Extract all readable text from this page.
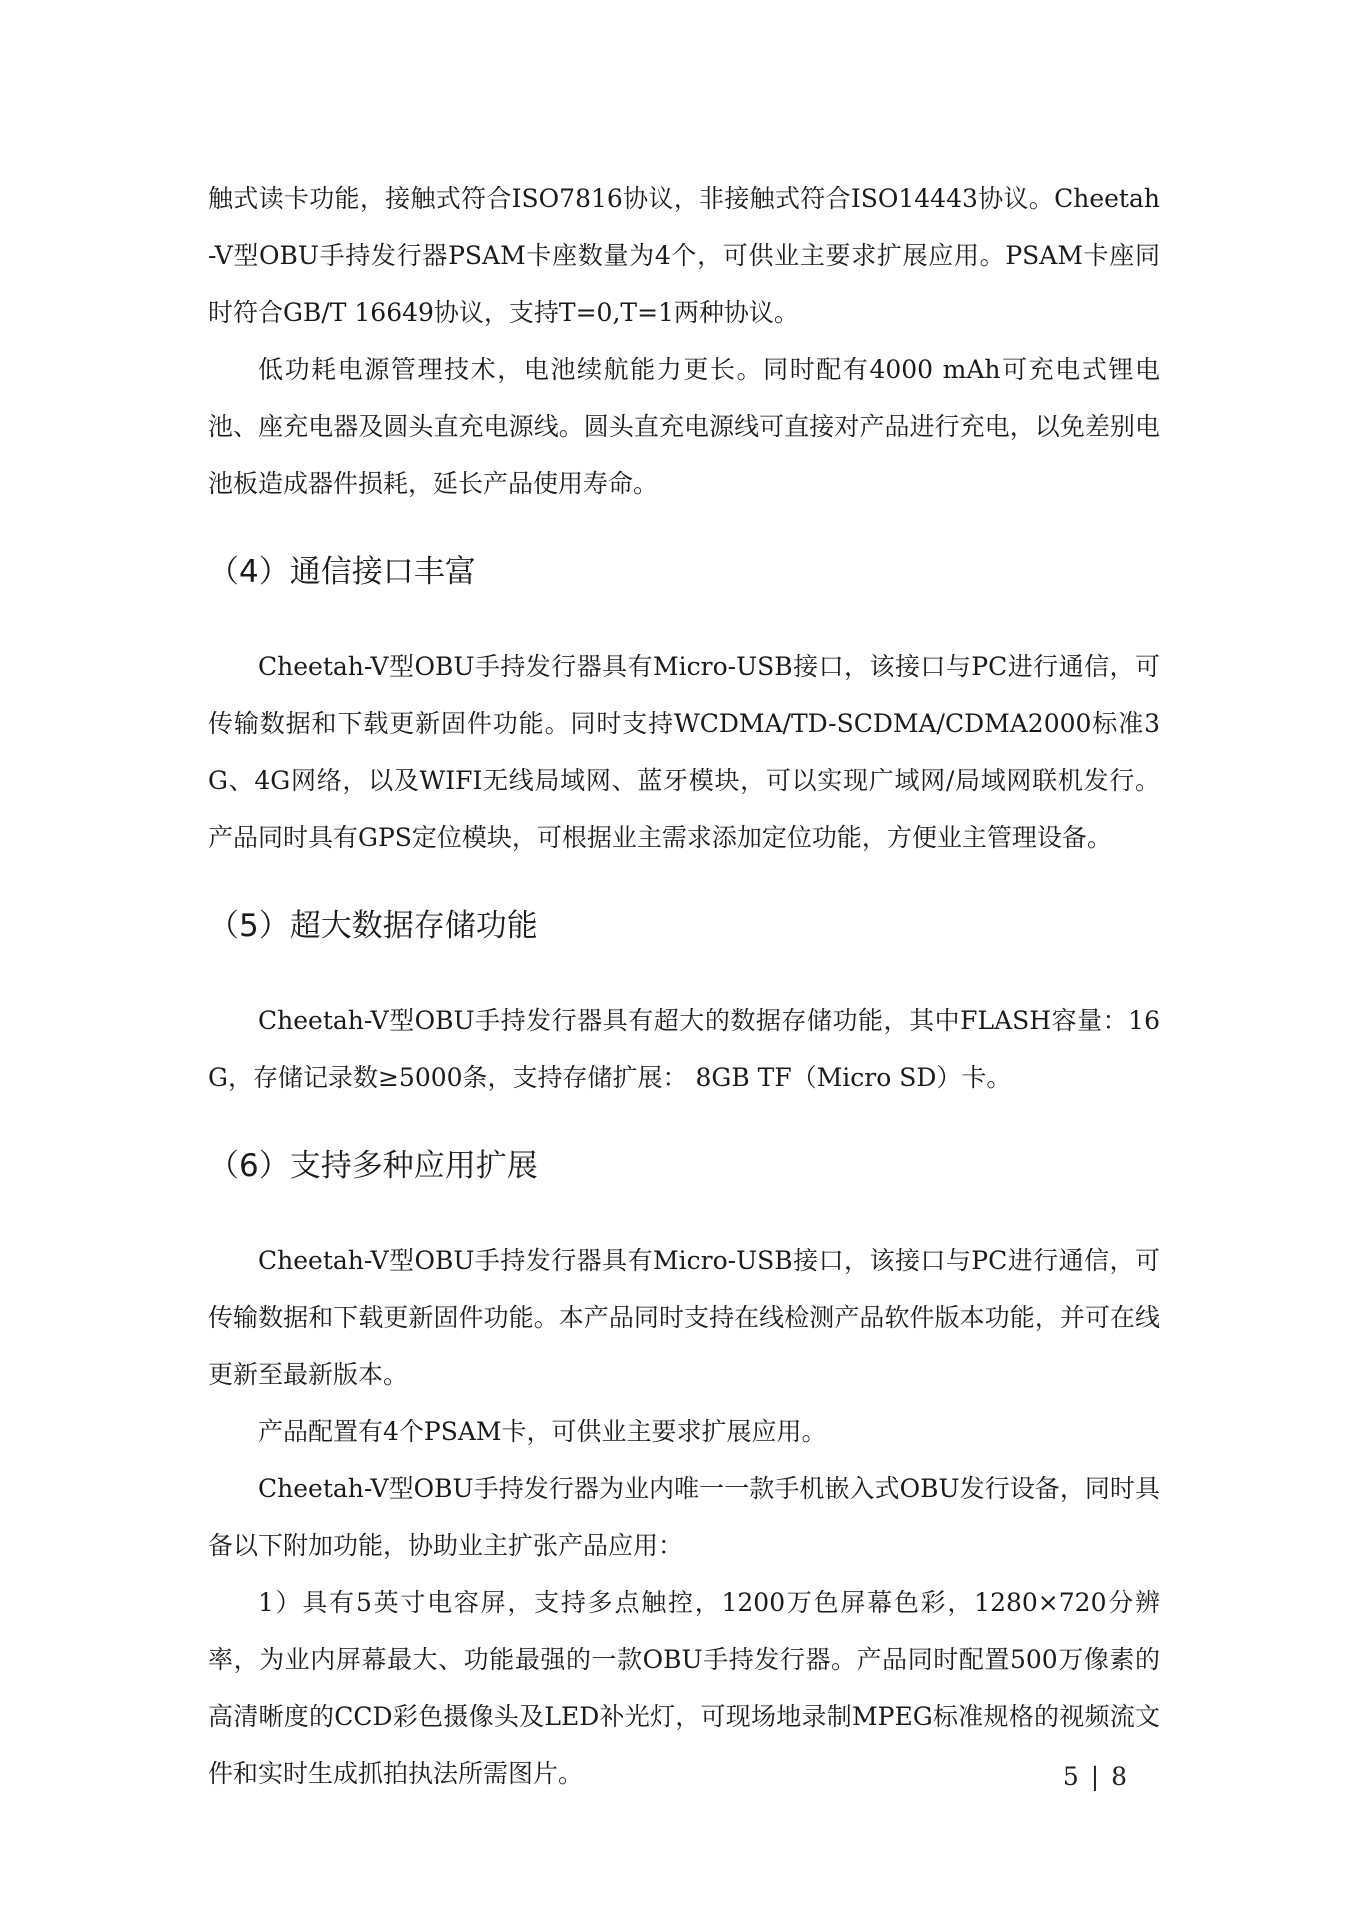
触式读卡功能，接触式符合ISO7816协议，非接触式符合ISO14443协议。Cheetah-V型OBU手持发行器PSAM卡座数量为4个，可供业主要求扩展应用。PSAM卡座同时符合GB/T 16649协议，支持T=0,T=1两种协议。

低功耗电源管理技术，电池续航能力更长。同时配有4000 mAh可充电式锂电池、座充电器及圆头直充电源线。圆头直充电源线可直接对产品进行充电，以免差别电池板造成器件损耗，延长产品使用寿命。

（4）通信接口丰富

Cheetah-V型OBU手持发行器具有Micro-USB接口，该接口与PC进行通信，可传输数据和下载更新固件功能。同时支持WCDMA/TD-SCDMA/CDMA2000标准3G、4G网络，以及WIFI无线局域网、蓝牙模块，可以实现广域网/局域网联机发行。产品同时具有GPS定位模块，可根据业主需求添加定位功能，方便业主管理设备。

（5）超大数据存储功能

Cheetah-V型OBU手持发行器具有超大的数据存储功能，其中FLASH容量：16G，存储记录数≥5000条，支持存储扩展： 8GB TF（Micro SD）卡。

（6）支持多种应用扩展

Cheetah-V型OBU手持发行器具有Micro-USB接口，该接口与PC进行通信，可传输数据和下载更新固件功能。本产品同时支持在线检测产品软件版本功能，并可在线更新至最新版本。

产品配置有4个PSAM卡，可供业主要求扩展应用。

Cheetah-V型OBU手持发行器为业内唯一一款手机嵌入式OBU发行设备，同时具备以下附加功能，协助业主扩张产品应用：

1）具有5英寸电容屏，支持多点触控，1200万色屏幕色彩，1280×720分辨率，为业内屏幕最大、功能最强的一款OBU手持发行器。产品同时配置500万像素的高清晰度的CCD彩色摄像头及LED补光灯，可现场地录制MPEG标准规格的视频流文件和实时生成抓拍执法所需图片。	5 | 8
